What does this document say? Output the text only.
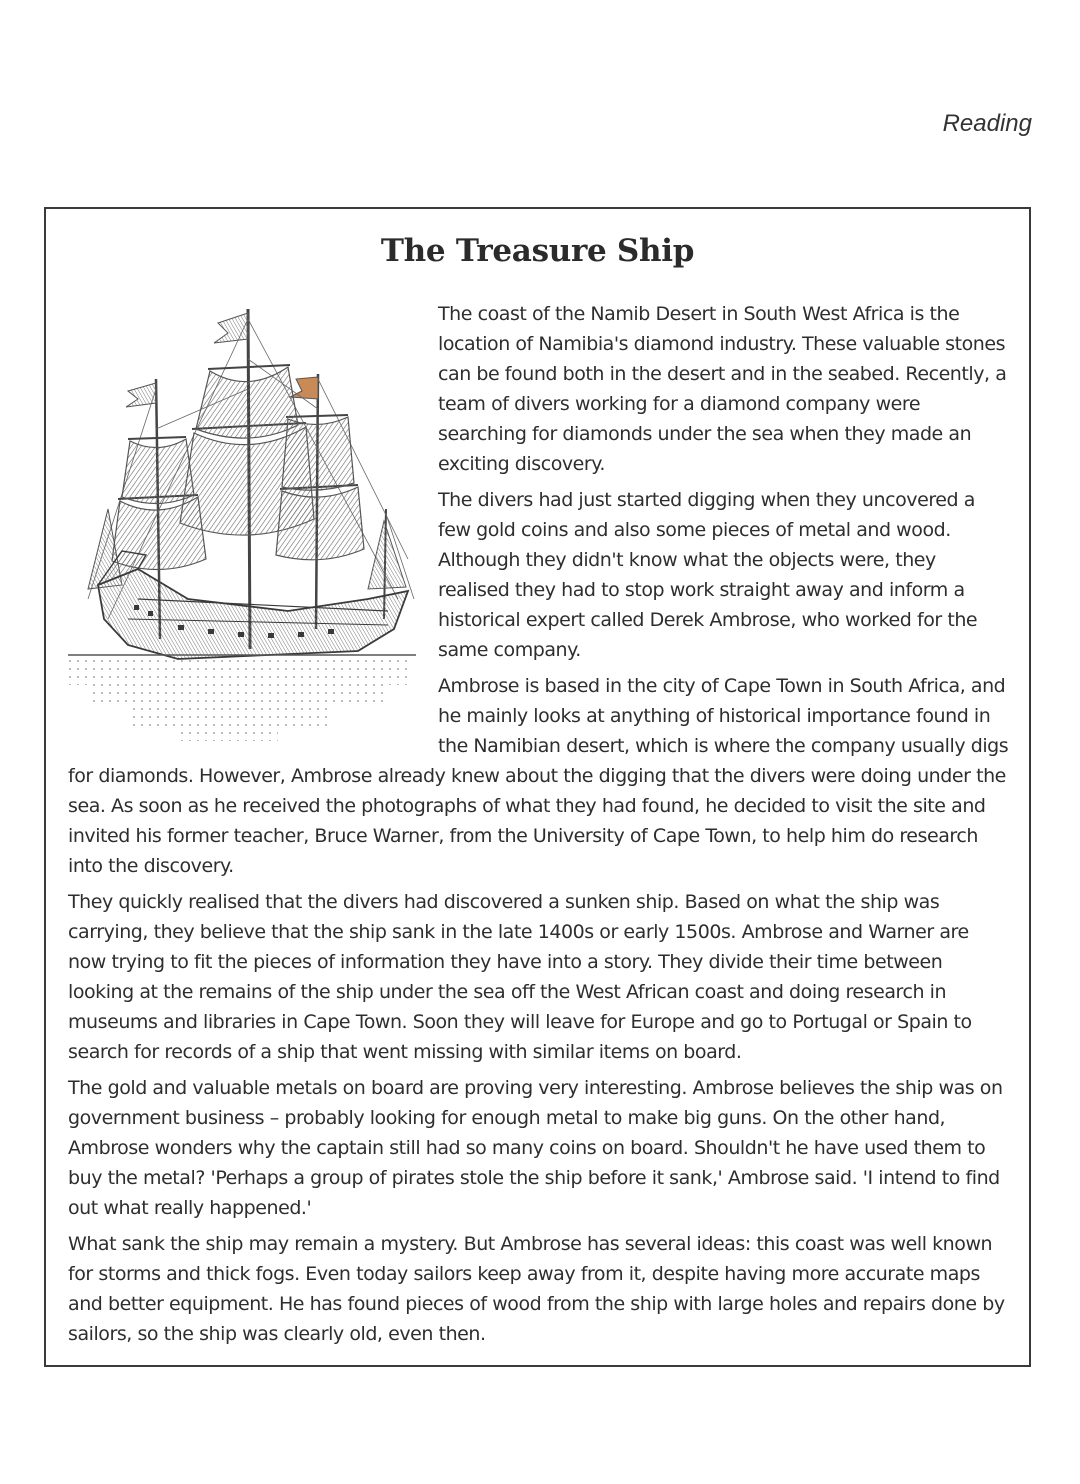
Reading
The Treasure Ship

The coast of the Namib Desert in South West Africa is the location of Namibia's diamond industry. These valuable stones can be found both in the desert and in the seabed. Recently, a team of divers working for a diamond company were searching for diamonds under the sea when they made an exciting discovery.

The divers had just started digging when they uncovered a few gold coins and also some pieces of metal and wood. Although they didn't know what the objects were, they realised they had to stop work straight away and inform a historical expert called Derek Ambrose, who worked for the same company.

Ambrose is based in the city of Cape Town in South Africa, and he mainly looks at anything of historical importance found in the Namibian desert, which is where the company usually digs for diamonds. However, Ambrose already knew about the digging that the divers were doing under the sea. As soon as he received the photographs of what they had found, he decided to visit the site and invited his former teacher, Bruce Warner, from the University of Cape Town, to help him do research into the discovery.

They quickly realised that the divers had discovered a sunken ship. Based on what the ship was carrying, they believe that the ship sank in the late 1400s or early 1500s. Ambrose and Warner are now trying to fit the pieces of information they have into a story. They divide their time between looking at the remains of the ship under the sea off the West African coast and doing research in museums and libraries in Cape Town. Soon they will leave for Europe and go to Portugal or Spain to search for records of a ship that went missing with similar items on board.

The gold and valuable metals on board are proving very interesting. Ambrose believes the ship was on government business – probably looking for enough metal to make big guns. On the other hand, Ambrose wonders why the captain still had so many coins on board. Shouldn't he have used them to buy the metal? 'Perhaps a group of pirates stole the ship before it sank,' Ambrose said. 'I intend to find out what really happened.'

What sank the ship may remain a mystery. But Ambrose has several ideas: this coast was well known for storms and thick fogs. Even today sailors keep away from it, despite having more accurate maps and better equipment. He has found pieces of wood from the ship with large holes and repairs done by sailors, so the ship was clearly old, even then.
